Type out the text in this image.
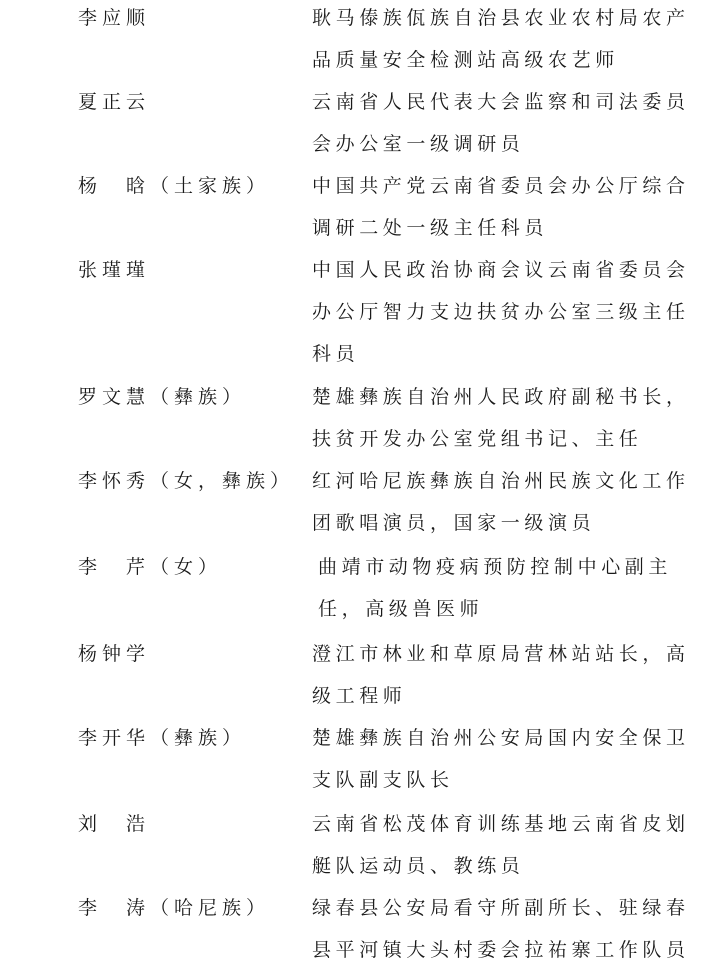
李应顺	耿马傣族佤族自治县农业农村局农产
品质量安全检测站高级农艺师
夏正云	云南省人民代表大会监察和司法委员
会办公室一级调研员
杨　晗（土家族） 中国共产党云南省委员会办公厅综合
调研二处一级主任科员
张瑾瑾	中国人民政治协商会议云南省委员会
办公厅智力支边扶贫办公室三级主任
科员
罗文慧（彝族）	楚雄彝族自治州人民政府副秘书长，
扶贫开发办公室党组书记、主任
李怀秀（女，彝族） 红河哈尼族彝族自治州民族文化工作
团歌唱演员，国家一级演员
李　芹（女）	曲靖市动物疫病预防控制中心副主
任，高级兽医师
杨钟学	澄江市林业和草原局营林站站长，高
级工程师
李开华（彝族）	楚雄彝族自治州公安局国内安全保卫
支队副支队长
刘　浩	云南省松茂体育训练基地云南省皮划
艇队运动员、教练员
李　涛（哈尼族） 绿春县公安局看守所副所长、驻绿春
县平河镇大头村委会拉祐寨工作队员
